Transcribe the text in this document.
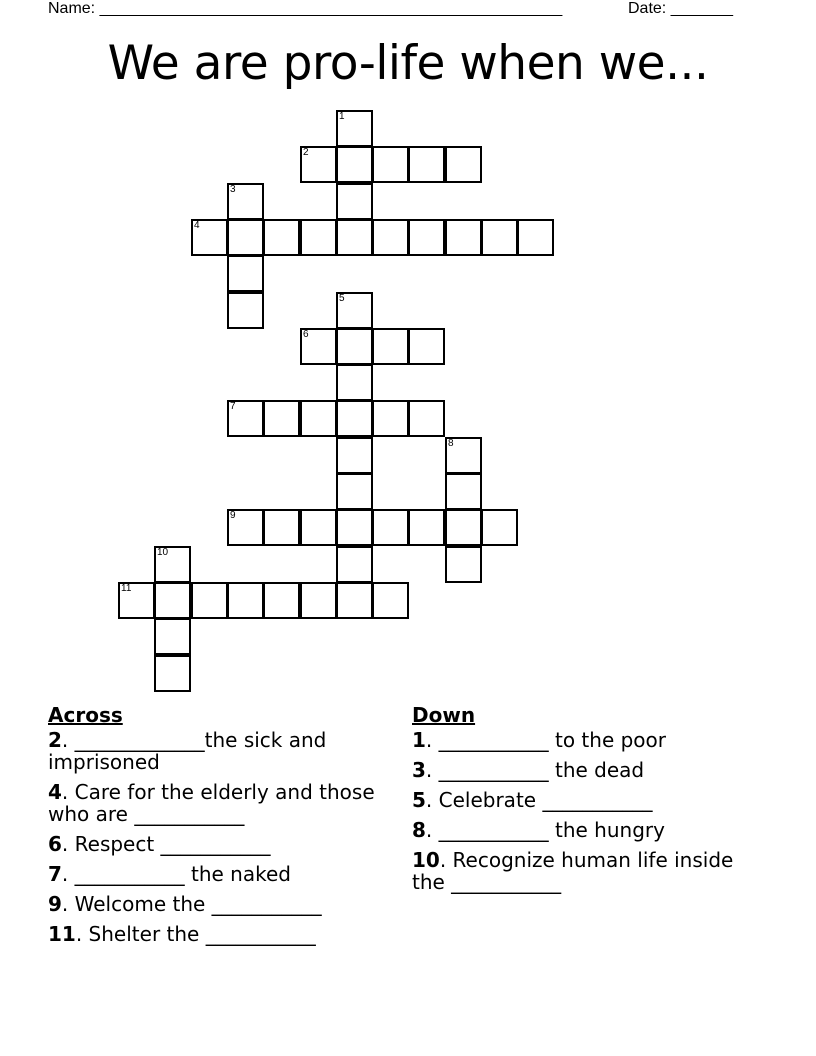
Name: ____________________________________________________	Date: _______
We are pro-life when we...
1
2
3
4
5
6
7
8
9
10
11
Across
2. _____________the sick and imprisoned
4. Care for the elderly and those who are ___________
6. Respect ___________
7. ___________ the naked
9. Welcome the ___________
11. Shelter the ___________
Down
1. ___________ to the poor
3. ___________ the dead
5. Celebrate ___________
8. ___________ the hungry
10. Recognize human life inside the ___________
